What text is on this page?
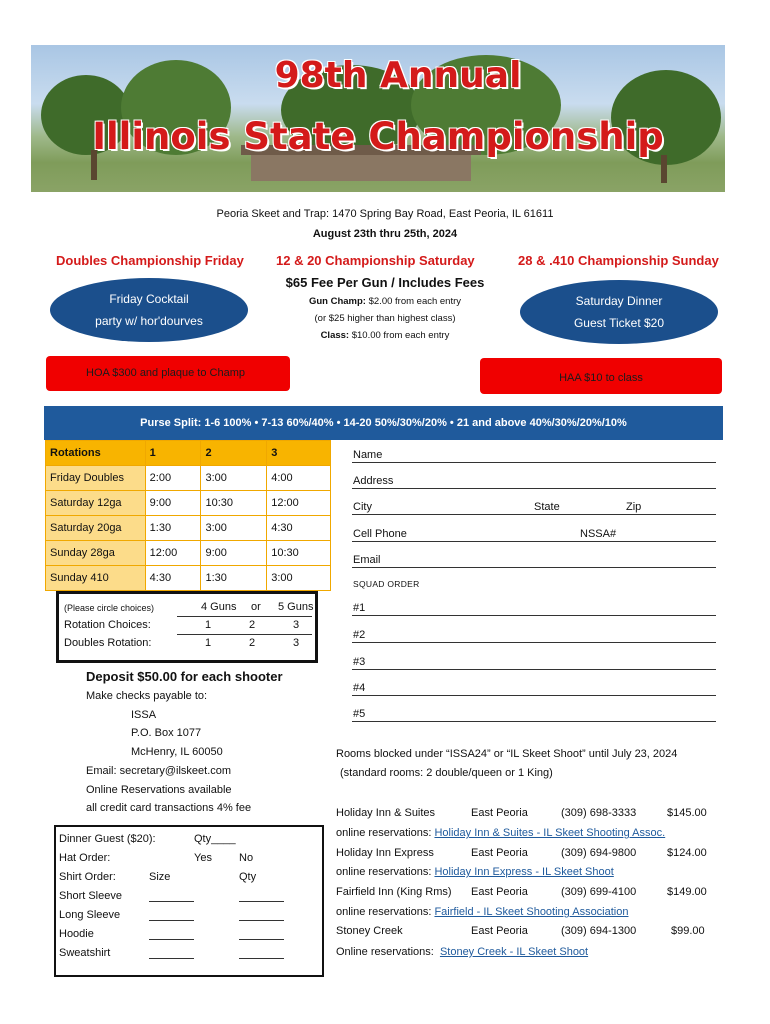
98th Annual
Illinois State Championship
Peoria Skeet and Trap: 1470 Spring Bay Road, East Peoria, IL 61611
August 23th thru 25th, 2024
Doubles Championship Friday 12 & 20 Championship Saturday	28 & .410 Championship Sunday
$65 Fee Per Gun / Includes Fees
Gun Champ: $2.00 from each entry
(or $25 higher than highest class)
Class: $10.00 from each entry
Friday Cocktail
party w/ hor'dourves
Saturday Dinner
Guest Ticket $20
HOA $300 and plaque to Champ	HAA $10 to class
Purse Split: 1-6 100% • 7-13 60%/40% • 14-20 50%/30%/20% • 21 and above 40%/30%/20%/10%
Rotations	1	2	3
Friday Doubles	2:00	3:00	4:00
Saturday 12ga	9:00	10:30	12:00
Saturday 20ga	1:30	3:00	4:30
Sunday 28ga	12:00	9:00	10:30
Sunday 410	4:30	1:30	3:00
(Please circle choices)	4 Guns or 5 Guns
Rotation Choices:	1	2	3
Doubles Rotation:	1	2	3
Deposit $50.00 for each shooter
Make checks payable to:
ISSA
P.O. Box 1077
McHenry, IL 60050
Email: secretary@ilskeet.com
Online Reservations available
all credit card transactions 4% fee
Dinner Guest ($20):	Qty____
Hat Order:	Yes No
Shirt Order:	Size	Qty
Short Sleeve
Long Sleeve
Hoodie
Sweatshirt
Name
Address
City	State	Zip
Cell Phone	NSSA#
Email
SQUAD ORDER
#1
#2
#3
#4
#5
Rooms blocked under “ISSA24” or “IL Skeet Shoot” until July 23, 2024
(standard rooms: 2 double/queen or 1 King)
Holiday Inn & Suites	East Peoria	(309) 698-3333	$145.00
online reservations: Holiday Inn & Suites - IL Skeet Shooting Assoc.
Holiday Inn Express	East Peoria	(309) 694-9800	$124.00
online reservations: Holiday Inn Express - IL Skeet Shoot
Fairfield Inn (King Rms) East Peoria	(309) 699-4100	$149.00
online reservations: Fairfield - IL Skeet Shooting Association
Stoney Creek	East Peoria	(309) 694-1300	$99.00
Online reservations:  Stoney Creek - IL Skeet Shoot
